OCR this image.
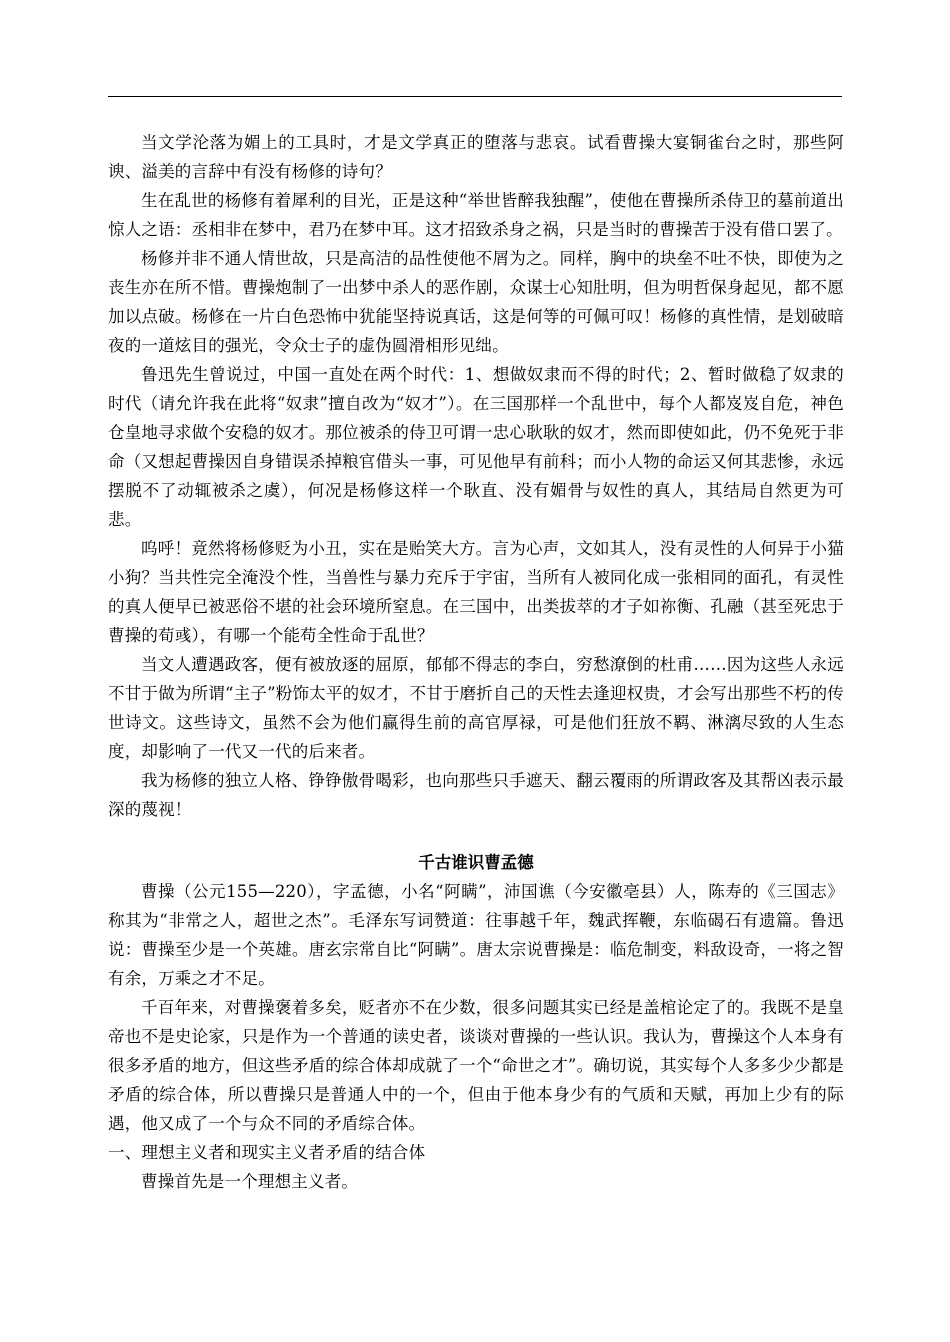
当文学沦落为媚上的工具时，才是文学真正的堕落与悲哀。试看曹操大宴铜雀台之时，那些阿谀、溢美的言辞中有没有杨修的诗句？

生在乱世的杨修有着犀利的目光，正是这种“举世皆醉我独醒”，使他在曹操所杀侍卫的墓前道出惊人之语：丞相非在梦中，君乃在梦中耳。这才招致杀身之祸，只是当时的曹操苦于没有借口罢了。

杨修并非不通人情世故，只是高洁的品性使他不屑为之。同样，胸中的块垒不吐不快，即使为之丧生亦在所不惜。曹操炮制了一出梦中杀人的恶作剧，众谋士心知肚明，但为明哲保身起见，都不愿加以点破。杨修在一片白色恐怖中犹能坚持说真话，这是何等的可佩可叹！杨修的真性情，是划破暗夜的一道炫目的强光，令众士子的虚伪圆滑相形见绌。

鲁迅先生曾说过，中国一直处在两个时代：1、想做奴隶而不得的时代；2、暂时做稳了奴隶的时代（请允许我在此将“奴隶”擅自改为“奴才”）。在三国那样一个乱世中，每个人都岌岌自危，神色仓皇地寻求做个安稳的奴才。那位被杀的侍卫可谓一忠心耿耿的奴才，然而即使如此，仍不免死于非命（又想起曹操因自身错误杀掉粮官借头一事，可见他早有前科；而小人物的命运又何其悲惨，永远摆脱不了动辄被杀之虞），何况是杨修这样一个耿直、没有媚骨与奴性的真人，其结局自然更为可悲。

呜呼！竟然将杨修贬为小丑，实在是贻笑大方。言为心声，文如其人，没有灵性的人何异于小猫小狗？当共性完全淹没个性，当兽性与暴力充斥于宇宙，当所有人被同化成一张相同的面孔，有灵性的真人便早已被恶俗不堪的社会环境所窒息。在三国中，出类拔萃的才子如祢衡、孔融（甚至死忠于曹操的荀彧），有哪一个能苟全性命于乱世？

当文人遭遇政客，便有被放逐的屈原，郁郁不得志的李白，穷愁潦倒的杜甫……因为这些人永远不甘于做为所谓“主子”粉饰太平的奴才，不甘于磨折自己的天性去逢迎权贵，才会写出那些不朽的传世诗文。这些诗文，虽然不会为他们赢得生前的高官厚禄，可是他们狂放不羁、淋漓尽致的人生态度，却影响了一代又一代的后来者。

我为杨修的独立人格、铮铮傲骨喝彩，也向那些只手遮天、翻云覆雨的所谓政客及其帮凶表示最深的蔑视！

千古谁识曹孟德

曹操（公元155—220），字孟德，小名“阿瞒”，沛国谯（今安徽亳县）人，陈寿的《三国志》称其为“非常之人，超世之杰”。毛泽东写词赞道：往事越千年，魏武挥鞭，东临碣石有遗篇。鲁迅说：曹操至少是一个英雄。唐玄宗常自比“阿瞒”。唐太宗说曹操是：临危制变，料敌设奇，一将之智有余，万乘之才不足。

千百年来，对曹操褒着多矣，贬者亦不在少数，很多问题其实已经是盖棺论定了的。我既不是皇帝也不是史论家，只是作为一个普通的读史者，谈谈对曹操的一些认识。我认为，曹操这个人本身有很多矛盾的地方，但这些矛盾的综合体却成就了一个“命世之才”。确切说，其实每个人多多少少都是矛盾的综合体，所以曹操只是普通人中的一个，但由于他本身少有的气质和天赋，再加上少有的际遇，他又成了一个与众不同的矛盾综合体。

一、理想主义者和现实主义者矛盾的结合体

曹操首先是一个理想主义者。
